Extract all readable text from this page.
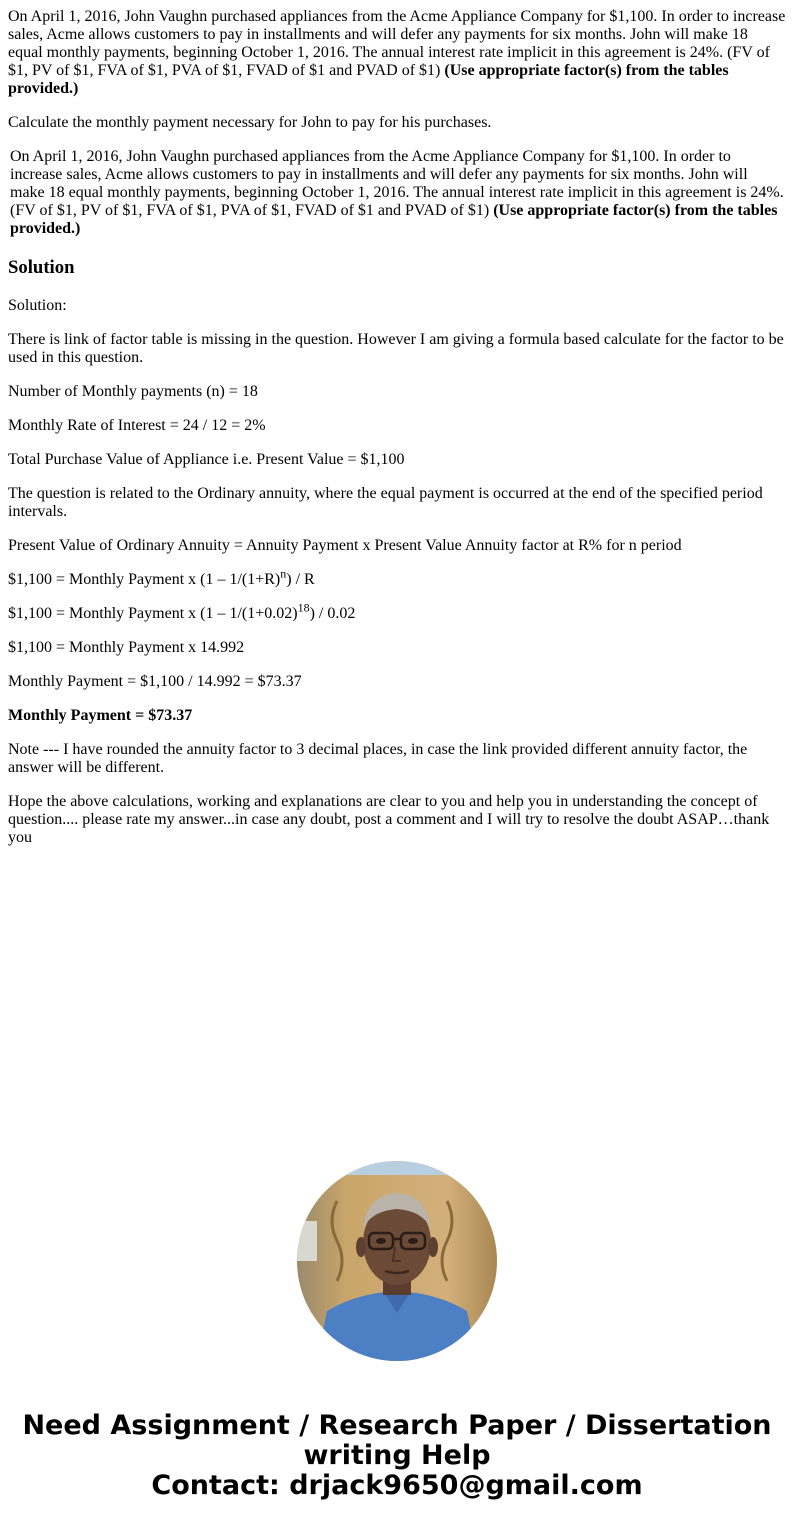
On April 1, 2016, John Vaughn purchased appliances from the Acme Appliance Company for $1,100. In order to increase sales, Acme allows customers to pay in installments and will defer any payments for six months. John will make 18 equal monthly payments, beginning October 1, 2016. The annual interest rate implicit in this agreement is 24%. (FV of $1, PV of $1, FVA of $1, PVA of $1, FVAD of $1 and PVAD of $1) (Use appropriate factor(s) from the tables provided.)

Calculate the monthly payment necessary for John to pay for his purchases.

On April 1, 2016, John Vaughn purchased appliances from the Acme Appliance Company for $1,100. In order to increase sales, Acme allows customers to pay in installments and will defer any payments for six months. John will make 18 equal monthly payments, beginning October 1, 2016. The annual interest rate implicit in this agreement is 24%. (FV of $1, PV of $1, FVA of $1, PVA of $1, FVAD of $1 and PVAD of $1) (Use appropriate factor(s) from the tables provided.)

Solution

Solution:

There is link of factor table is missing in the question. However I am giving a formula based calculate for the factor to be used in this question.

Number of Monthly payments (n) = 18

Monthly Rate of Interest = 24 / 12 = 2%

Total Purchase Value of Appliance i.e. Present Value = $1,100

The question is related to the Ordinary annuity, where the equal payment is occurred at the end of the specified period intervals.

Present Value of Ordinary Annuity = Annuity Payment x Present Value Annuity factor at R% for n period

$1,100 = Monthly Payment x $(1 - 1/(1+R)^n) / R$

$1,100 = Monthly Payment x $(1 - 1/(1+0.02)^{18}) / 0.02$

$1,100 = Monthly Payment x 14.992

Monthly Payment = $1,100 / 14.992 = $73.37

Monthly Payment = $73.37

Note --- I have rounded the annuity factor to 3 decimal places, in case the link provided different annuity factor, the answer will be different.

Hope the above calculations, working and explanations are clear to you and help you in understanding the concept of question.... please rate my answer...in case any doubt, post a comment and I will try to resolve the doubt ASAP…thank you

Need Assignment / Research Paper / Dissertation
writing Help
Contact: drjack9650@gmail.com
